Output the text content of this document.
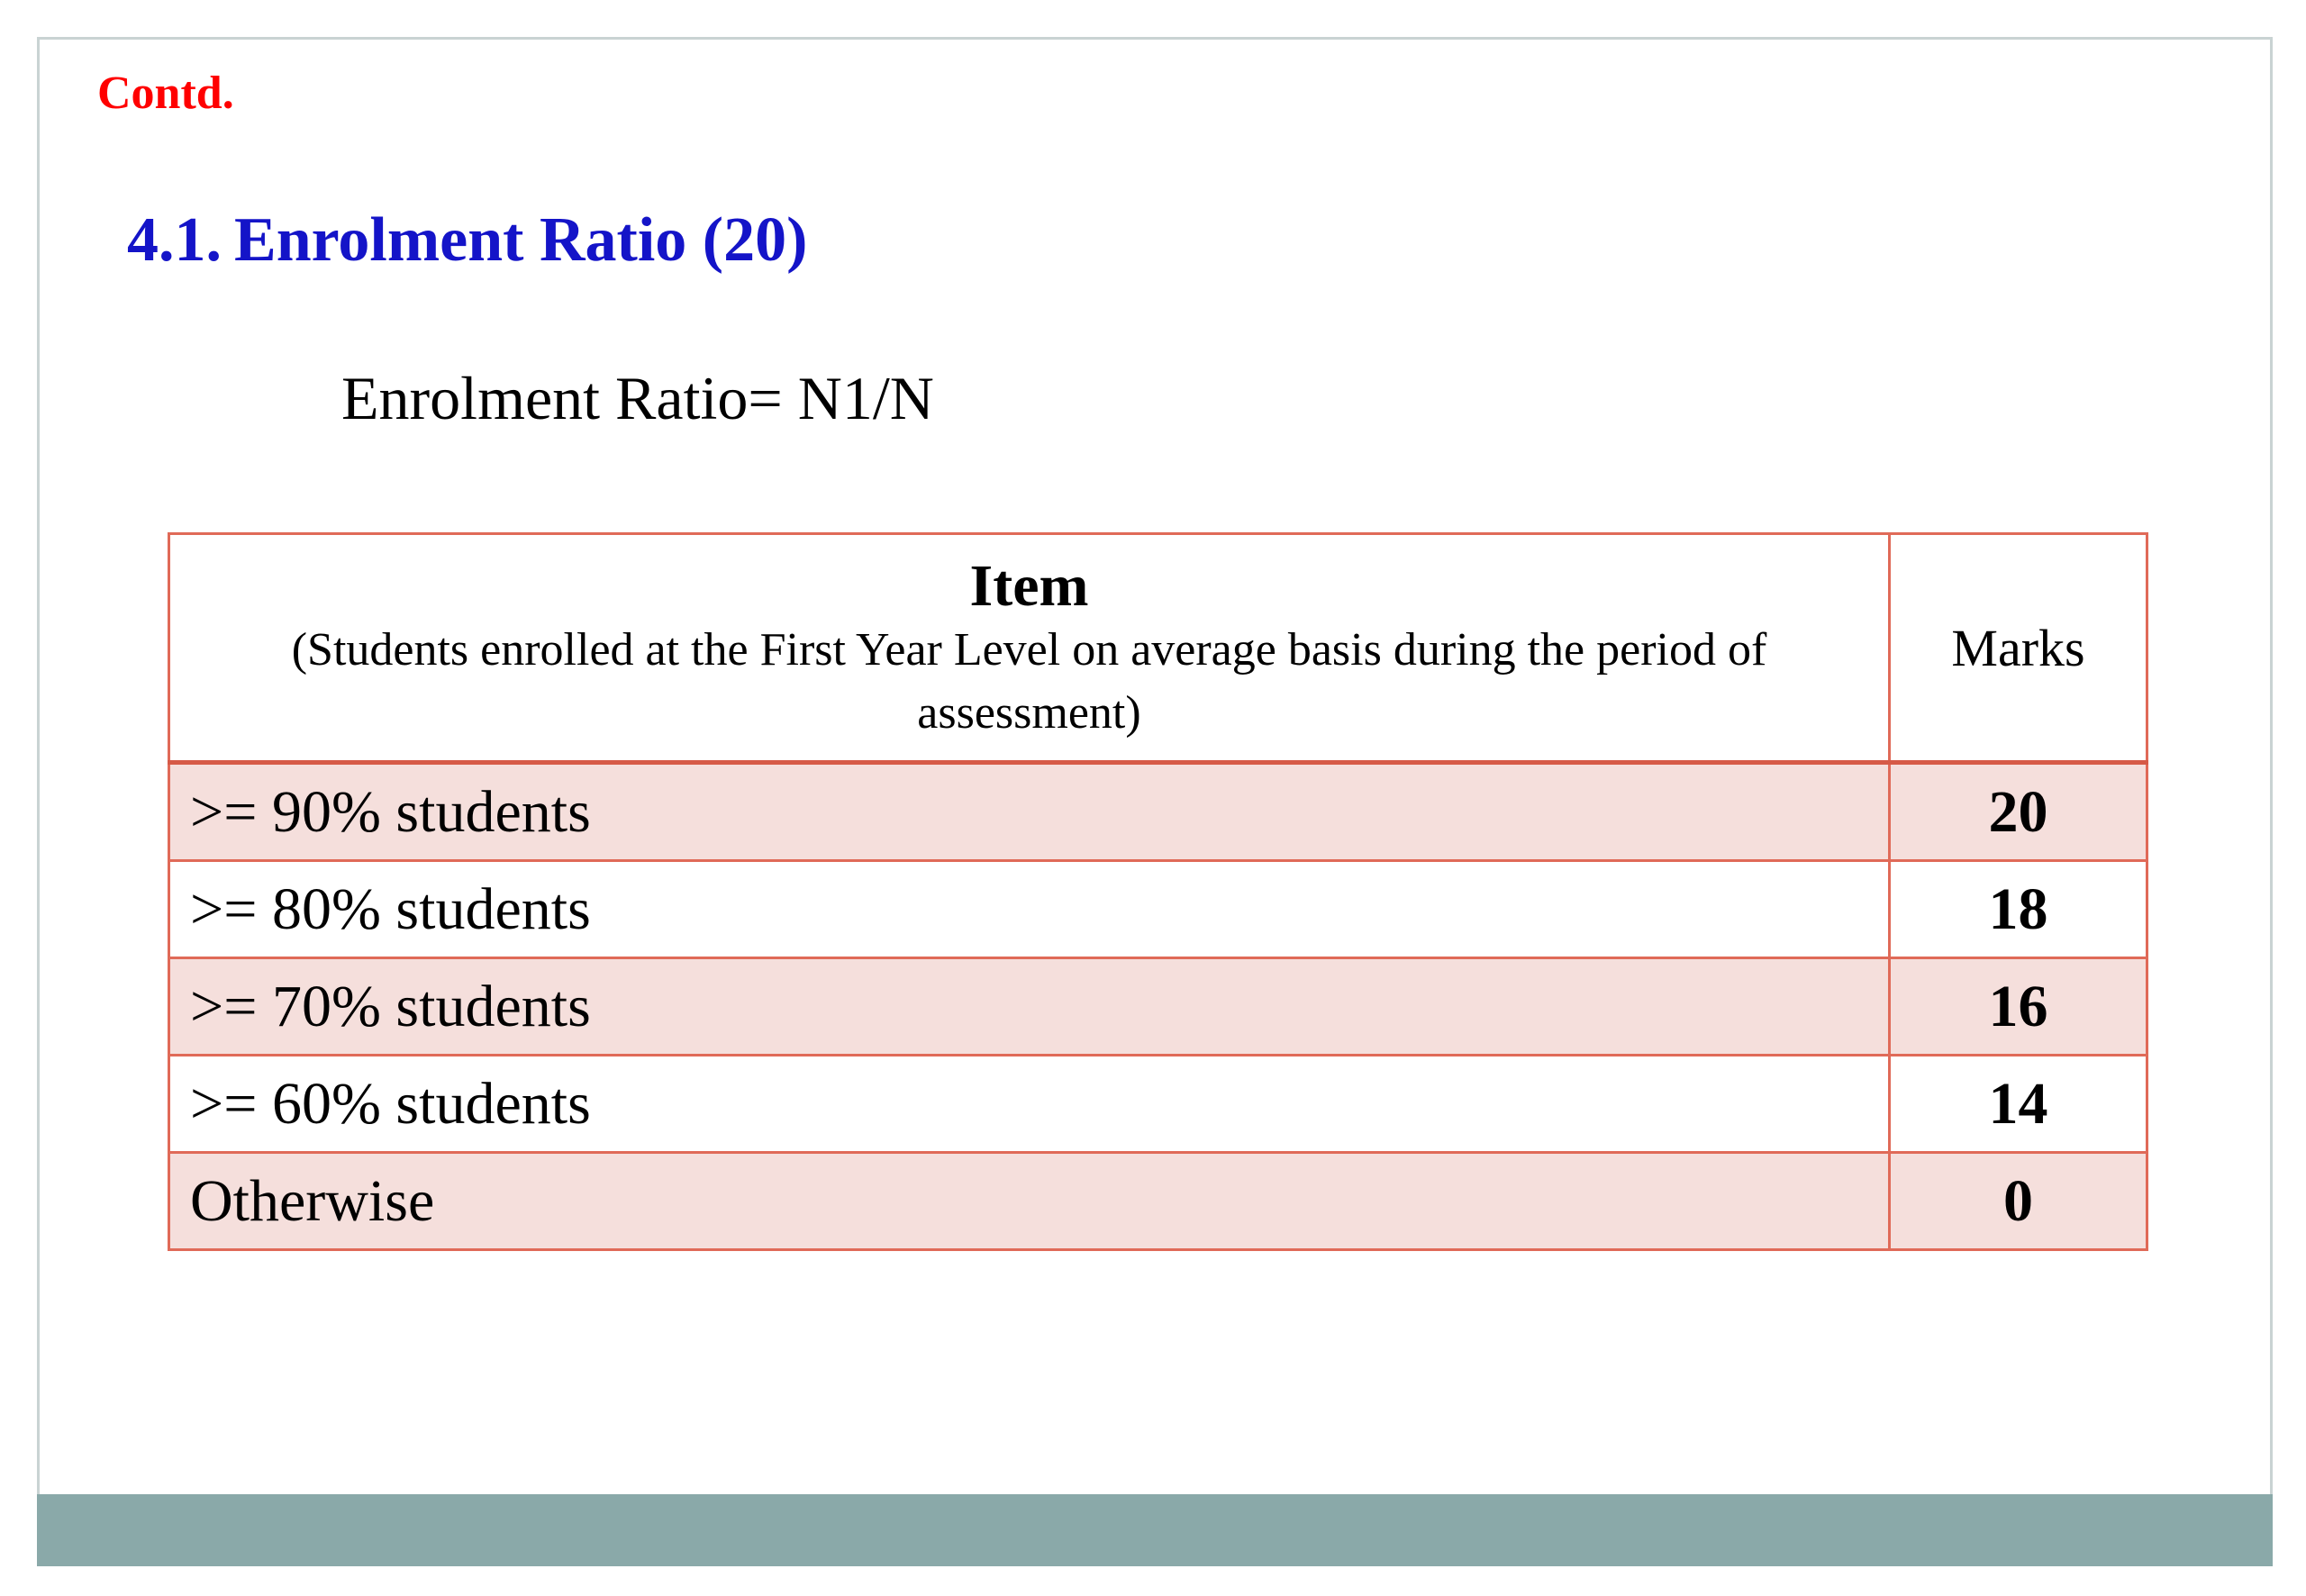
Contd.
4.1. Enrolment Ratio (20)
Enrolment Ratio= N1/N
Item
(Students enrolled at the First Year Level on average basis during the period of assessment)	Marks
>= 90% students	20
>= 80% students	18
>= 70% students	16
>= 60% students	14
Otherwise	0
